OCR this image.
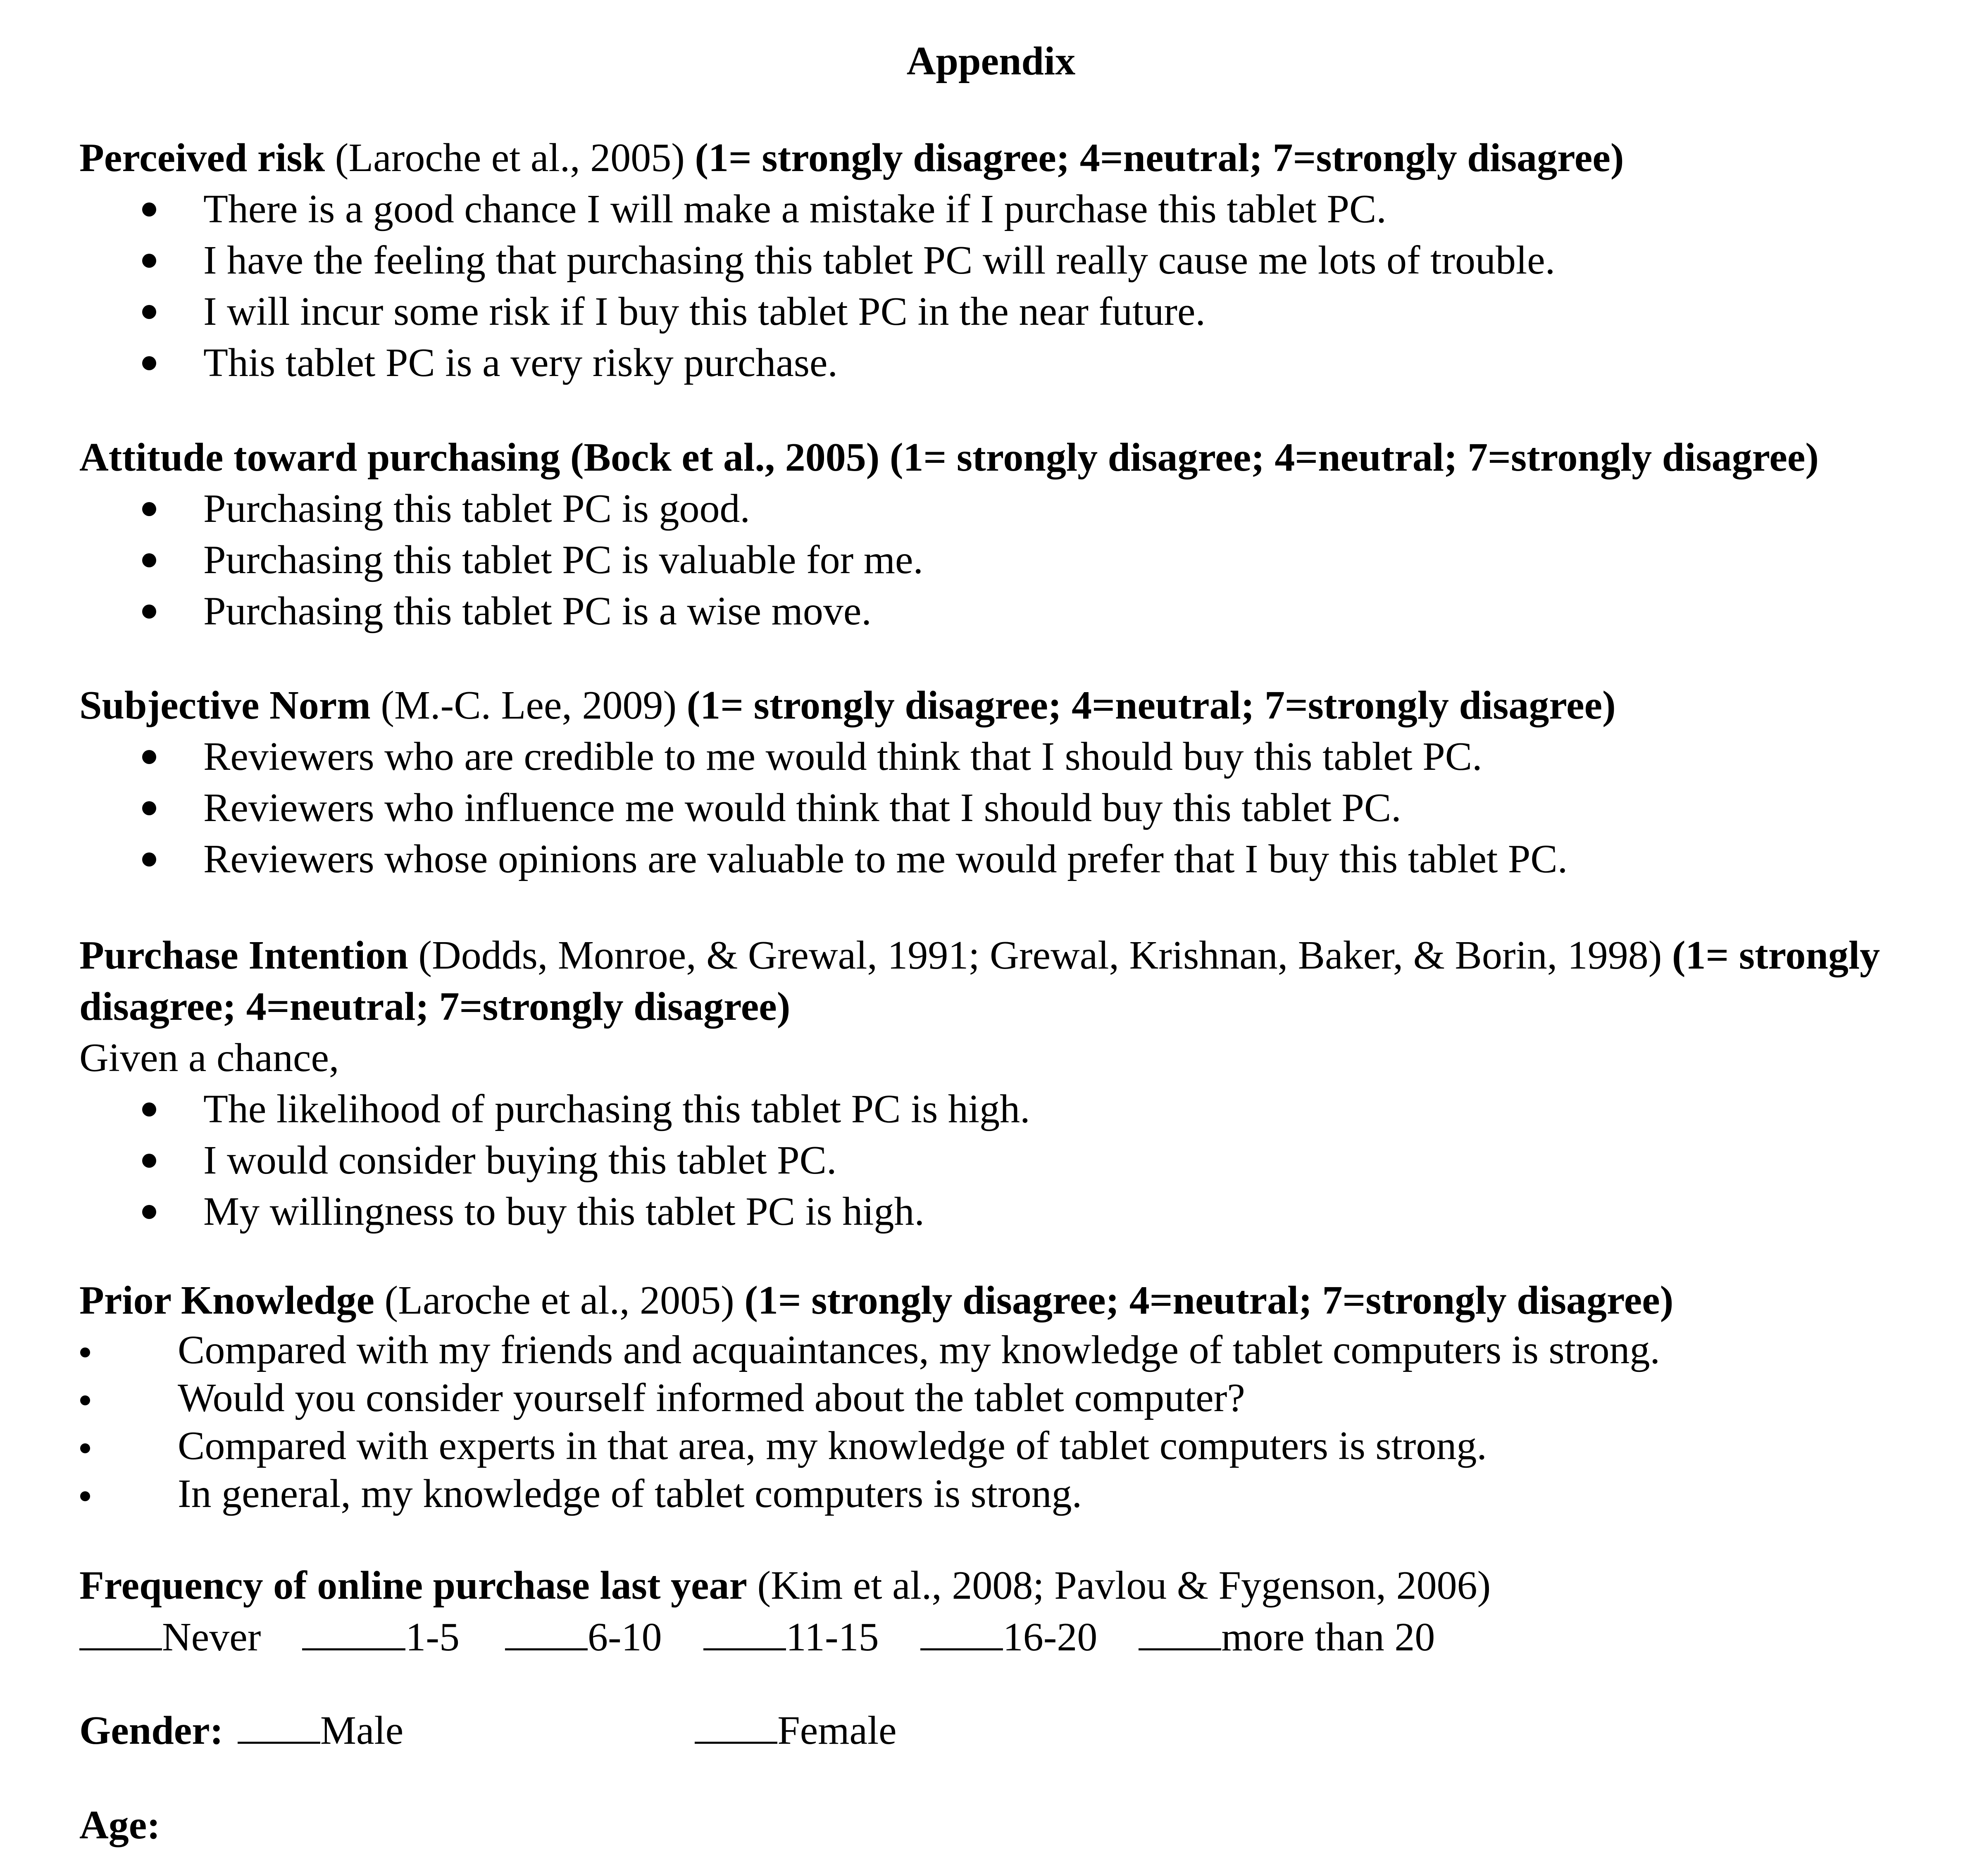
Appendix

Perceived risk (Laroche et al., 2005) (1= strongly disagree; 4=neutral; 7=strongly disagree)

There is a good chance I will make a mistake if I purchase this tablet PC.
I have the feeling that purchasing this tablet PC will really cause me lots of trouble.
I will incur some risk if I buy this tablet PC in the near future.
This tablet PC is a very risky purchase.

Attitude toward purchasing (Bock et al., 2005) (1= strongly disagree; 4=neutral; 7=strongly disagree)

Purchasing this tablet PC is good.
Purchasing this tablet PC is valuable for me.
Purchasing this tablet PC is a wise move.

Subjective Norm (M.-C. Lee, 2009) (1= strongly disagree; 4=neutral; 7=strongly disagree)

Reviewers who are credible to me would think that I should buy this tablet PC.
Reviewers who influence me would think that I should buy this tablet PC.
Reviewers whose opinions are valuable to me would prefer that I buy this tablet PC.

Purchase Intention (Dodds, Monroe, & Grewal, 1991; Grewal, Krishnan, Baker, & Borin, 1998) (1= strongly

disagree; 4=neutral; 7=strongly disagree)

Given a chance,

The likelihood of purchasing this tablet PC is high.
I would consider buying this tablet PC.
My willingness to buy this tablet PC is high.

Prior Knowledge (Laroche et al., 2005) (1= strongly disagree; 4=neutral; 7=strongly disagree)

Compared with my friends and acquaintances, my knowledge of tablet computers is strong.
Would you consider yourself informed about the tablet computer?
Compared with experts in that area, my knowledge of tablet computers is strong.
In general, my knowledge of tablet computers is strong.

Frequency of online purchase last year (Kim et al., 2008; Pavlou & Fygenson, 2006)

Never	1-5	6-10	11-15	16-20	more than 20

Gender: Male	Female

Age:
